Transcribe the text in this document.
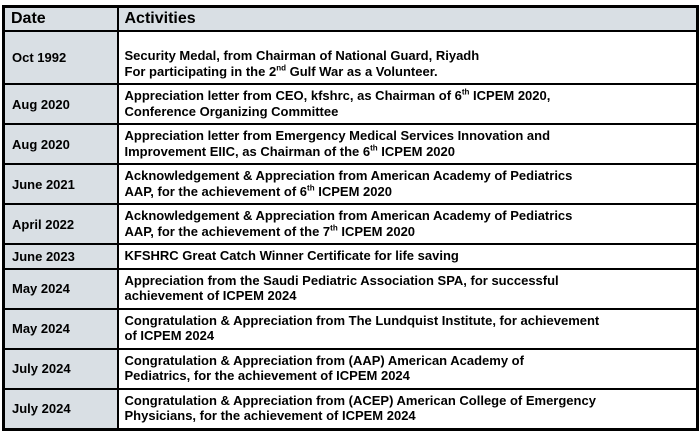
Date	Activities
Oct 1992	Security Medal, from Chairman of National Guard, Riyadh
For participating in the 2nd Gulf War as a Volunteer.

Aug 2020	Appreciation letter from CEO, kfshrc, as Chairman of 6th ICPEM 2020,
Conference Organizing Committee

Aug 2020	Appreciation letter from Emergency Medical Services Innovation and
Improvement EIIC, as Chairman of the 6th ICPEM 2020

June 2021	Acknowledgement & Appreciation from American Academy of Pediatrics
AAP, for the achievement of 6th ICPEM 2020

April 2022	Acknowledgement & Appreciation from American Academy of Pediatrics
AAP, for the achievement of the 7th ICPEM 2020

June 2023	KFSHRC Great Catch Winner Certificate for life saving

May 2024	Appreciation from the Saudi Pediatric Association SPA, for successful
achievement of ICPEM 2024

May 2024	Congratulation & Appreciation from The Lundquist Institute, for achievement
of ICPEM 2024

July 2024	Congratulation & Appreciation from (AAP) American Academy of
Pediatrics, for the achievement of ICPEM 2024

July 2024	Congratulation & Appreciation from (ACEP) American College of Emergency
Physicians, for the achievement of ICPEM 2024
